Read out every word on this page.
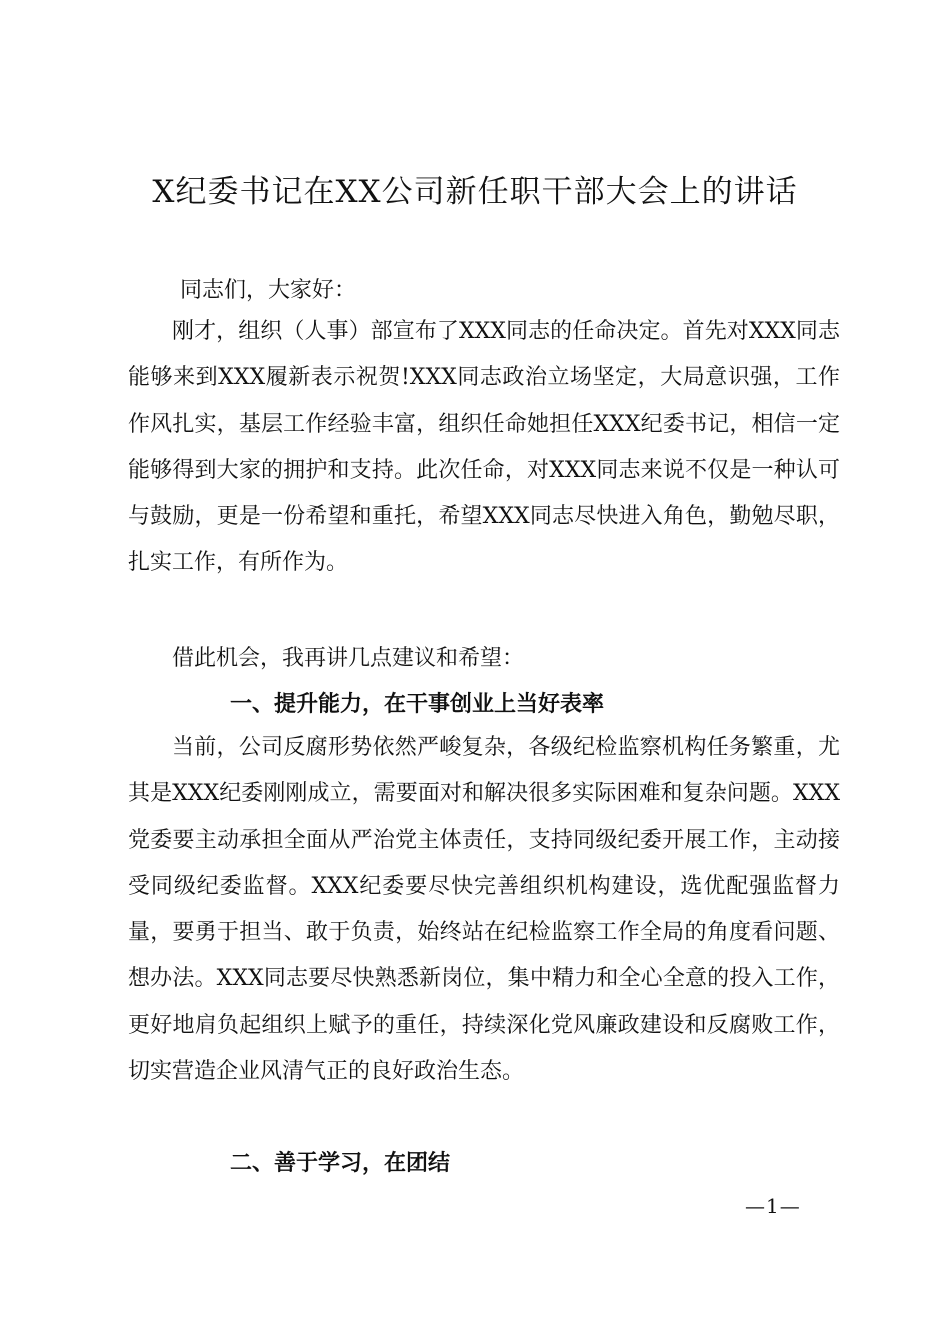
X纪委书记在XX公司新任职干部大会上的讲话
同志们，大家好：

刚才，组织（人事）部宣布了XXX同志的任命决定。首先对XXX同志能够来到XXX履新表示祝贺!XXX同志政治立场坚定，大局意识强，工作作风扎实，基层工作经验丰富，组织任命她担任XXX纪委书记，相信一定能够得到大家的拥护和支持。此次任命，对XXX同志来说不仅是一种认可与鼓励，更是一份希望和重托，希望XXX同志尽快进入角色，勤勉尽职，扎实工作，有所作为。

借此机会，我再讲几点建议和希望：

一、提升能力，在干事创业上当好表率

当前，公司反腐形势依然严峻复杂，各级纪检监察机构任务繁重，尤其是XXX纪委刚刚成立，需要面对和解决很多实际困难和复杂问题。XXX党委要主动承担全面从严治党主体责任，支持同级纪委开展工作，主动接受同级纪委监督。XXX纪委要尽快完善组织机构建设，选优配强监督力量，要勇于担当、敢于负责，始终站在纪检监察工作全局的角度看问题、想办法。XXX同志要尽快熟悉新岗位，集中精力和全心全意的投入工作，更好地肩负起组织上赋予的重任，持续深化党风廉政建设和反腐败工作，切实营造企业风清气正的良好政治生态。

二、善于学习，在团结
—1—
